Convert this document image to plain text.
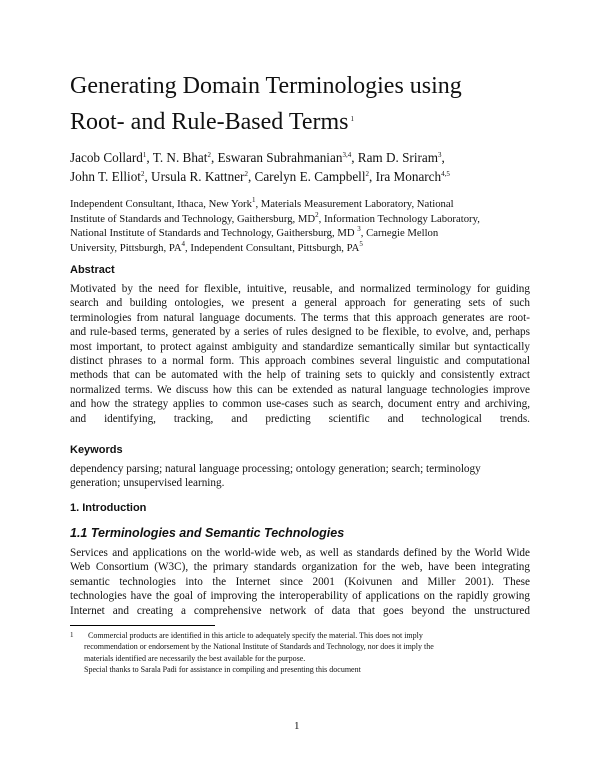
Generating Domain Terminologies using
Root- and Rule-Based Terms $^1$
Jacob Collard$^1$, T. N. Bhat$^2$, Eswaran Subrahmanian$^{3,4}$, Ram D. Sriram$^3$,
John T. Elliot$^2$, Ursula R. Kattner$^2$, Carelyn E. Campbell$^2$, Ira Monarch$^{4,5}$
Independent Consultant, Ithaca, New York$^1$, Materials Measurement Laboratory, National
Institute of Standards and Technology, Gaithersburg, $MD^2$, Information Technology Laboratory,
National Institute of Standards and Technology, Gaithersburg, MD $^3$, Carnegie Mellon
University, Pittsburgh, $PA^4$, Independent Consultant, Pittsburgh, $PA^5$
Abstract
Motivated by the need for flexible, intuitive, reusable, and normalized terminology for guiding
search and building ontologies, we present a general approach for generating sets of such
terminologies from natural language documents. The terms that this approach generates are root-
and rule-based terms, generated by a series of rules designed to be flexible, to evolve, and, perhaps
most important, to protect against ambiguity and standardize semantically similar but syntactically
distinct phrases to a normal form. This approach combines several linguistic and computational
methods that can be automated with the help of training sets to quickly and consistently extract
normalized terms. We discuss how this can be extended as natural language technologies improve
and how the strategy applies to common use-cases such as search, document entry and archiving,
and identifying, tracking, and predicting scientific and technological trends.
Keywords
dependency parsing; natural language processing; ontology generation; search; terminology
generation; unsupervised learning.
1. Introduction
1.1 Terminologies and Semantic Technologies
Services and applications on the world-wide web, as well as standards defined by the World Wide
Web Consortium (W3C), the primary standards organization for the web, have been integrating
semantic technologies into the Internet since 2001 (Koivunen and Miller 2001). These
technologies have the goal of improving the interoperability of applications on the rapidly growing
Internet and creating a comprehensive network of data that goes beyond the unstructured
1	Commercial products are identified in this article to adequately specify the material. This does not imply
recommendation or endorsement by the National Institute of Standards and Technology, nor does it imply the
materials identified are necessarily the best available for the purpose.
Special thanks to Sarala Padi for assistance in compiling and presenting this document
1
